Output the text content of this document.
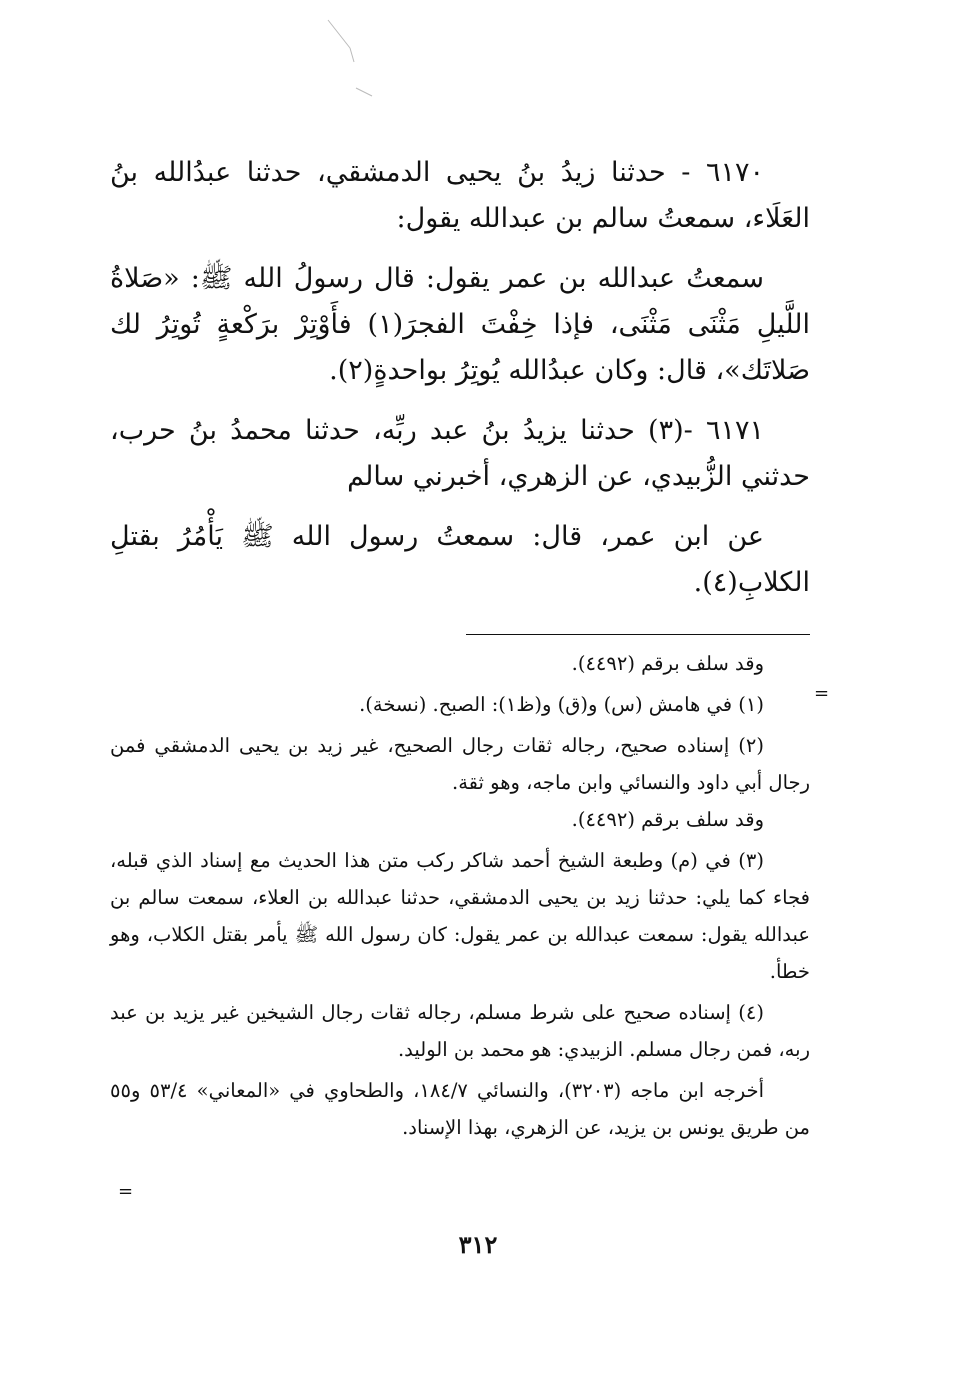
٦١٧٠ - حدثنا زيدُ بنُ يحيى الدمشقي، حدثنا عبدُالله بنُ العَلَاء، سمعتُ سالم بن عبدالله يقول:

سمعتُ عبدالله بن عمر يقول: قال رسولُ الله ﷺ: «صَلاةُ اللَّيلِ مَثْنَى مَثْنَى، فإذا خِفْتَ الفجرَ(١) فأَوْتِرْ برَكْعةٍ تُوتِرُ لك صَلاتَك»، قال: وكان عبدُالله يُوتِرُ بواحدةٍ(٢).

٦١٧١ -(٣) حدثنا يزيدُ بنُ عبد ربِّه، حدثنا محمدُ بنُ حرب، حدثني الزُّبيدي، عن الزهري، أخبرني سالم

عن ابن عمر، قال: سمعتُ رسول الله ﷺ يَأْمُرُ بقتلِ الكلابِ(٤).

وقد سلف برقم (٤٤٩٢).

(١) في هامش (س) و(ق) و(ظ١): الصبح. (نسخة).

(٢) إسناده صحيح، رجاله ثقات رجال الصحيح، غير زيد بن يحيى الدمشقي فمن رجال أبي داود والنسائي وابن ماجه، وهو ثقة.

وقد سلف برقم (٤٤٩٢).

(٣) في (م) وطبعة الشيخ أحمد شاكر ركب متن هذا الحديث مع إسناد الذي قبله، فجاء كما يلي: حدثنا زيد بن يحيى الدمشقي، حدثنا عبدالله بن العلاء، سمعت سالم بن عبدالله يقول: سمعت عبدالله بن عمر يقول: كان رسول الله ﷺ يأمر بقتل الكلاب، وهو خطأ.

(٤) إسناده صحيح على شرط مسلم، رجاله ثقات رجال الشيخين غير يزيد بن عبد ربه، فمن رجال مسلم. الزبيدي: هو محمد بن الوليد.

أخرجه ابن ماجه (٣٢٠٣)، والنسائي ١٨٤/٧، والطحاوي في «المعاني» ٥٣/٤ و٥٥ من طريق يونس بن يزيد، عن الزهري، بهذا الإسناد.

=
=
٣١٢
